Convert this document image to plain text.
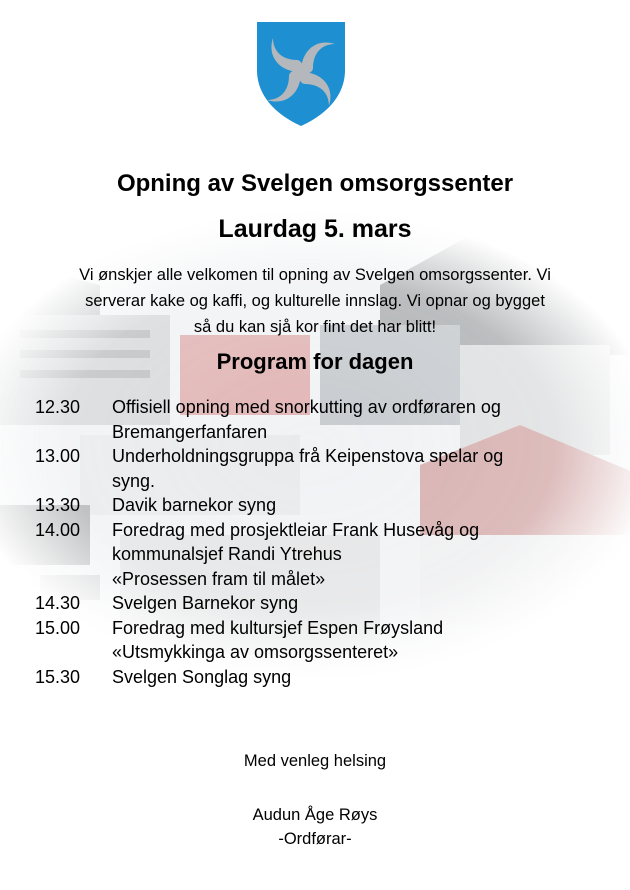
Opning av Svelgen omsorgssenter
Laurdag 5. mars

Vi ønskjer alle velkomen til opning av Svelgen omsorgssenter. Vi
serverar kake og kaffi, og kulturelle innslag. Vi opnar og bygget
så du kan sjå kor fint det har blitt!

Program for dagen
12.30	Offisiell opning med snorkutting av ordføraren og
Bremangerfanfaren
13.00	Underholdningsgruppa frå Keipenstova spelar og
syng.
13.30	Davik barnekor syng
14.00	Foredrag med prosjektleiar Frank Husevåg og
kommunalsjef Randi Ytrehus
«Prosessen fram til målet»
14.30	Svelgen Barnekor syng
15.00	Foredrag med kultursjef Espen Frøysland
«Utsmykkinga av omsorgssenteret»
15.30	Svelgen Songlag syng

Med venleg helsing

Audun Åge Røys

-Ordførar-
